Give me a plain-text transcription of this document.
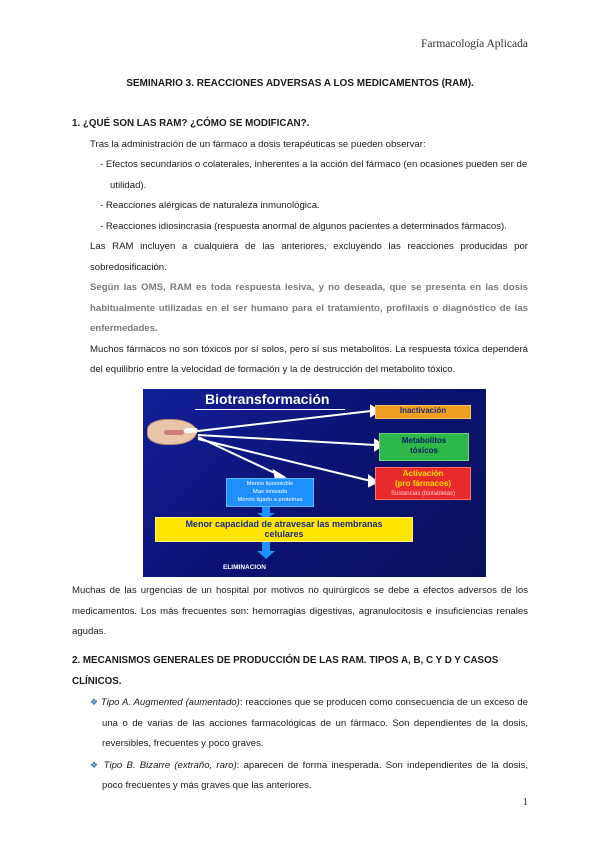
Farmacología Aplicada
SEMINARIO 3. REACCIONES ADVERSAS A LOS MEDICAMENTOS (RAM).
1. ¿QUÉ SON LAS RAM? ¿CÓMO SE MODIFICAN?.
Tras la administración de un fármaco a dosis terapéuticas se pueden observar:
- Efectos secundarios o colaterales, inherentes a la acción del fármaco (en ocasiones pueden ser de utilidad).
- Reacciones alérgicas de naturaleza inmunológica.
- Reacciones idiosincrasia (respuesta anormal de algunos pacientes a determinados fármacos).
Las RAM incluyen a cualquiera de las anteriores, excluyendo las reacciones producidas por sobredosificación.
Según las OMS, RAM es toda respuesta lesiva, y no deseada, que se presenta en las dosis habitualmente utilizadas en el ser humano para el tratamiento, profilaxis o diagnóstico de las enfermedades.
Muchos fármacos no son tóxicos por sí solos, pero sí sus metabolitos. La respuesta tóxica dependerá del equilibrio entre la velocidad de formación y la de destrucción del metabolito tóxico.
Biotransformación
Inactivación
Metabolitos
tóxicos
Activación
(pro fármacos)
Sustancias (biotabletas)
Menos liposoluble
Mas ionizada
Menos ligado a proteínas
Menor capacidad de atravesar las membranas
celulares
ELIMINACION
Muchas de las urgencias de un hospital por motivos no quirúrgicos se debe a efectos adversos de los medicamentos. Los más frecuentes son: hemorragias digestivas, agranulocitosis e insuficiencias renales agudas.
2. MECANISMOS GENERALES DE PRODUCCIÓN DE LAS RAM. TIPOS A, B, C Y D Y CASOS CLÍNICOS.
❖ Tipo A. Augmented (aumentado): reacciones que se producen como consecuencia de un exceso de una o de varias de las acciones farmacológicas de un fármaco. Son dependientes de la dosis, reversibles, frecuentes y poco graves.
❖ Tipo B. Bizarre (extraño, raro): aparecen de forma inesperada. Son independientes de la dosis, poco frecuentes y más graves que las anteriores.
1
